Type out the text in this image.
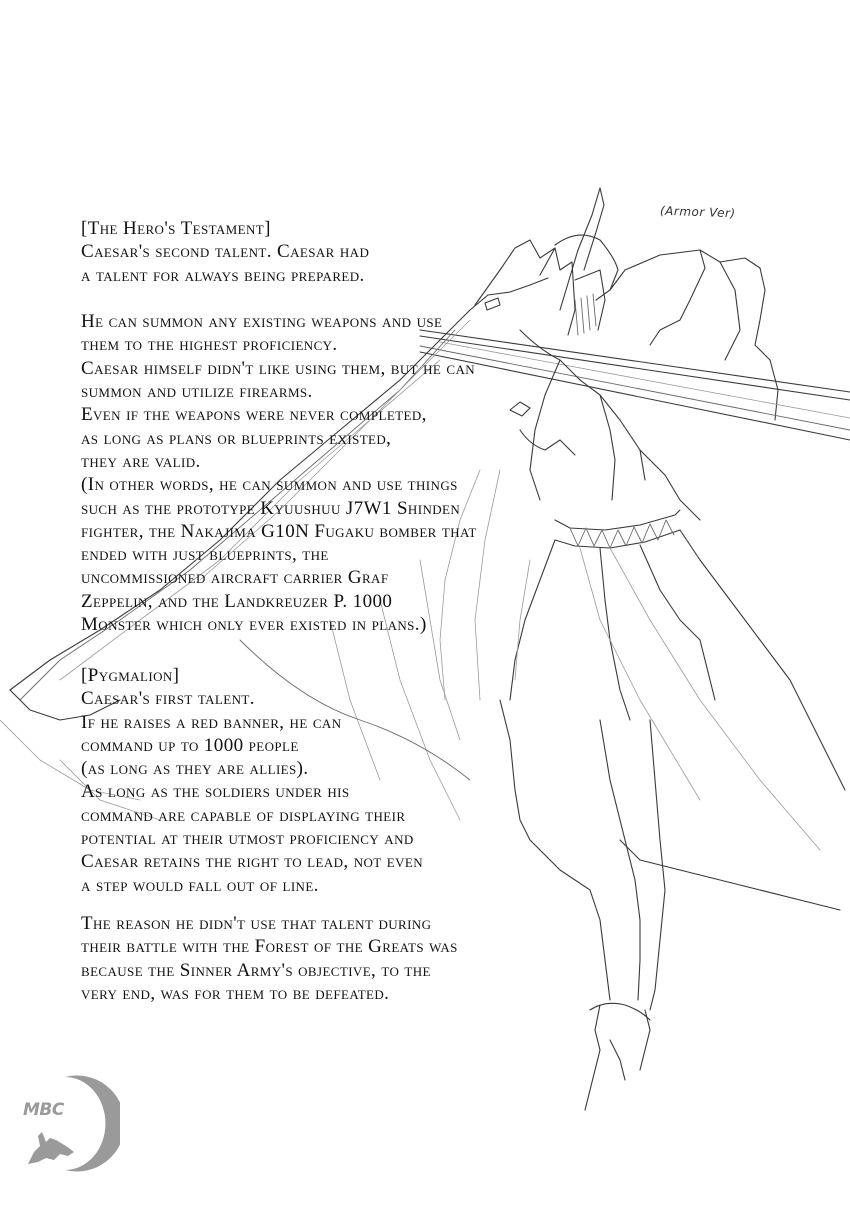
(Armor Ver)
[The Hero's Testament]
Caesar's second talent. Caesar had
a talent for always being prepared.
He can summon any existing weapons and use
them to the highest proficiency.
Caesar himself didn't like using them, but he can
summon and utilize firearms.
Even if the weapons were never completed,
as long as plans or blueprints existed,
they are valid.
(In other words, he can summon and use things
such as the prototype Kyuushuu J7W1 Shinden
fighter, the Nakajima G10N Fugaku bomber that
ended with just blueprints, the
uncommissioned aircraft carrier Graf
Zeppelin, and the Landkreuzer P. 1000
Monster which only ever existed in plans.)
[Pygmalion]
Caesar's first talent.
If he raises a red banner, he can
command up to 1000 people
(as long as they are allies).
As long as the soldiers under his
command are capable of displaying their
potential at their utmost proficiency and
Caesar retains the right to lead, not even
a step would fall out of line.
The reason he didn't use that talent during
their battle with the Forest of the Greats was
because the Sinner Army's objective, to the
very end, was for them to be defeated.
MBC
